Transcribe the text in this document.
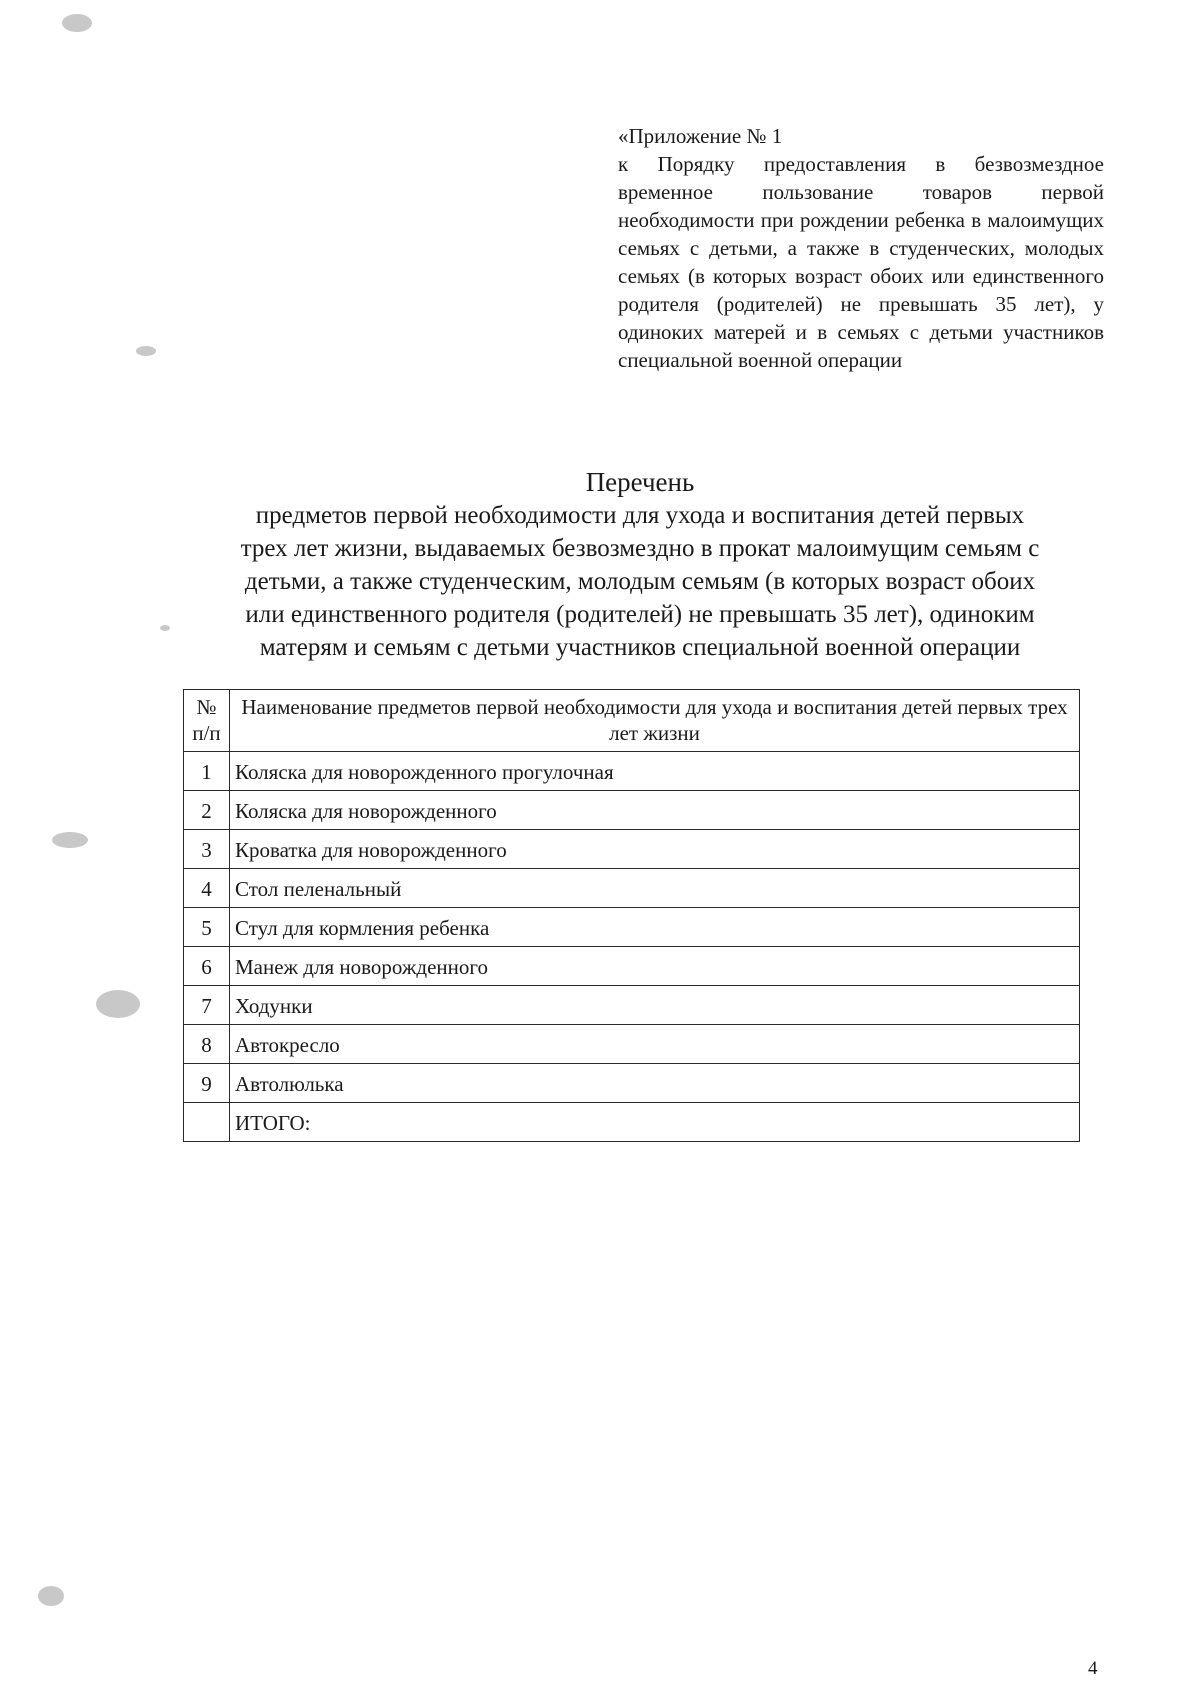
«Приложение № 1
к Порядку предоставления в безвозмездное временное пользование товаров первой необходимости при рождении ребенка в малоимущих семьях с детьми, а также в студенческих, молодых семьях (в которых возраст обоих или единственного родителя (родителей) не превышать 35 лет), у одиноких матерей и в семьях с детьми участников специальной военной операции
Перечень

предметов первой необходимости для ухода и воспитания детей первых

трех лет жизни, выдаваемых безвозмездно в прокат малоимущим семьям с

детьми, а также студенческим, молодым семьям (в которых возраст обоих

или единственного родителя (родителей) не превышать 35 лет), одиноким

матерям и семьям с детьми участников специальной военной операции

№
п/п	Наименование предметов первой необходимости для ухода и воспитания детей первых трех лет жизни
1	Коляска для новорожденного прогулочная
2	Коляска для новорожденного
3	Кроватка для новорожденного
4	Стол пеленальный
5	Стул для кормления ребенка
6	Манеж для новорожденного
7	Ходунки
8	Автокресло
9	Автолюлька
	ИТОГО:
4
